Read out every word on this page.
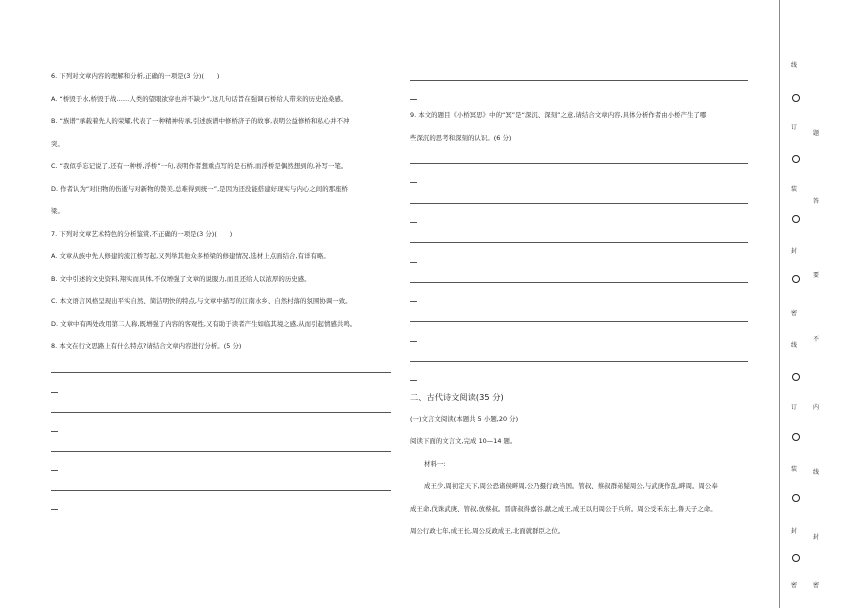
6. 下列对文章内容的理解和分析,正确的一项是(3 分)(　　)
A. “桥毁于水,桥毁于战……人类的望眼欲穿也并不缺少”,这几句话旨在强调石桥给人带来的历史沧桑感。
B. “族谱”承载着先人的荣耀,代表了一种精神传承,引述族谱中修桥济子的故事,表明公益修桥和私心并不冲
突。
C. “我似乎忘记说了,还有一种桥,浮桥”一句,表明作者想重点写的是石桥,而浮桥是偶然想到的,补写一笔。
D. 作者认为“对旧物的伤逝与对新物的赞美,总难得到统一”,是因为还没能搭建好现实与内心之间的那座桥
梁。
7. 下列对文章艺术特色的分析鉴赏,不正确的一项是(3 分)(　　)
A. 文章从族中先人修建的流江桥写起,又列举其他众多桥梁的修建情况,选材上点面结合,有详有略。
B. 文中引述的文史资料,翔实而具体,不仅增强了文章的说服力,而且还给人以浓厚的历史感。
C. 本文语言风格呈现出平实自然、简洁明快的特点,与文章中描写的江南水乡、自然村落的氛围协调一致。
D. 文章中有两处改用第二人称,既增强了内容的客观性,又有助于读者产生如临其境之感,从而引起情感共鸣。
8. 本文在行文思路上有什么特点?请结合文章内容进行分析。(5 分)
9. 本文的题目《小桥冥思》中的“冥”是“深沉、深刻”之意,请结合文章内容,具体分析作者由小桥产生了哪
些深沉的思考和深刻的认识。(6 分)
二、古代诗文阅读(35 分)
(一)文言文阅读(本题共 5 小题,20 分)
阅读下面的文言文,完成 10—14 题。
材料一:
成王少,周初定天下,周公恐诸侯畔周,公乃摄行政当国。管叔、蔡叔群弟疑周公,与武庚作乱,畔周。周公奉
成王命,伐诛武庚、管叔,放蔡叔。晋唐叔得嘉谷,献之成王,成王以归周公于兵所。周公受禾东土,鲁天子之命。
周公行政七年,成王长,周公反政成王,北面就群臣之位。
线
订
装
封
密
线
订
装
封
密
题
答
要
不
内
线
封
密
